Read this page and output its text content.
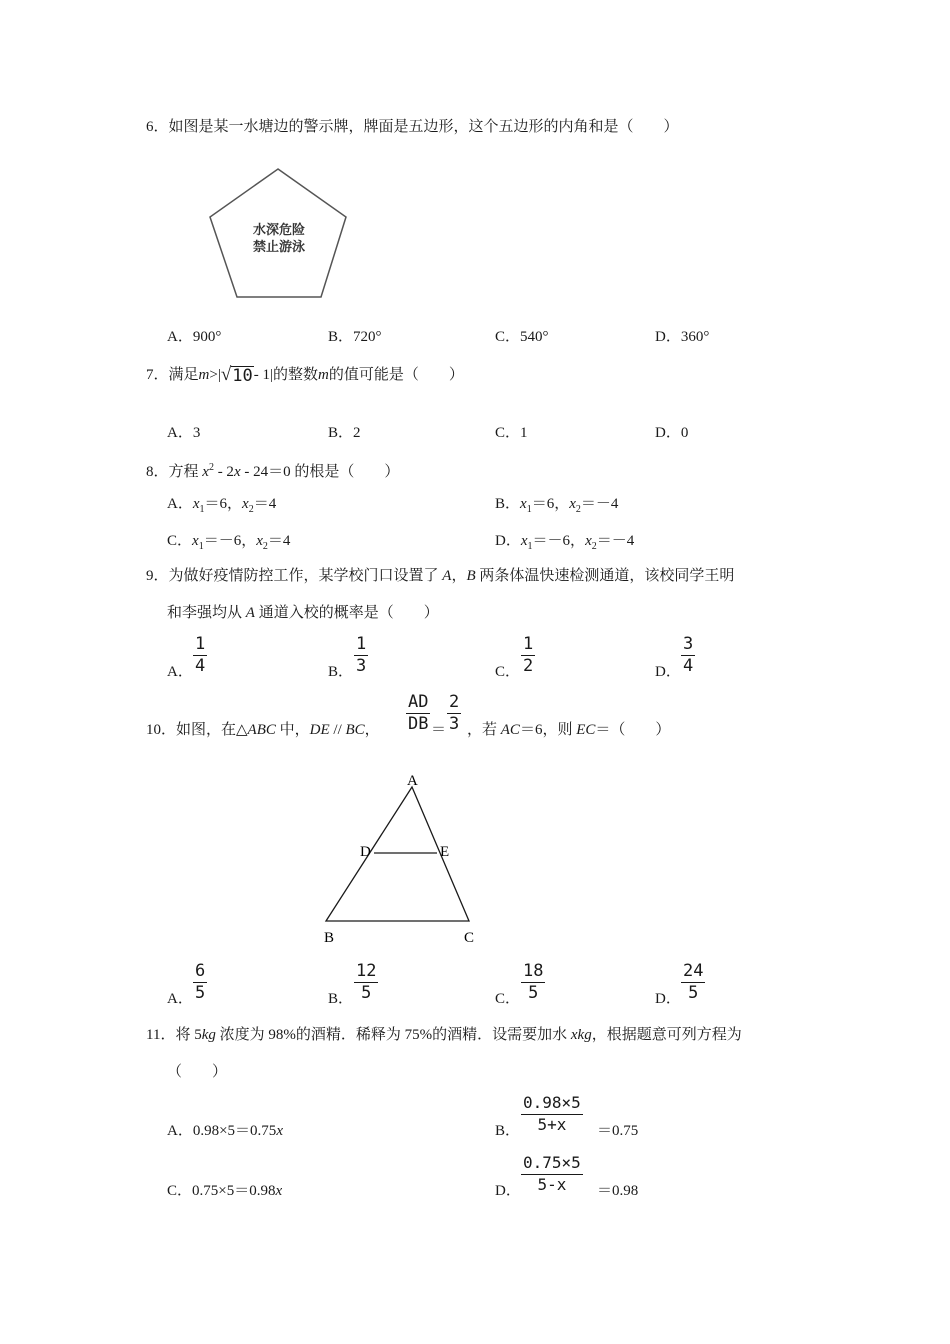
6．如图是某一水塘边的警示牌，牌面是五边形，这个五边形的内角和是（　　）
水深危险
禁止游泳
A．900°	B．720°	C．540°	D．360°
7．满足 m >| √ 10 - 1|的整数 m 的值可能是（　　）
A．3	B．2	C．1	D．0
8．方程 $x^2 - 2x - 24=0$ 的根是（　　）
A．$x_1=6$，$x_2=4$	B．$x_1=6$，$x_2=-4$
C．$x_1=-6$，$x_2=4$	D．$x_1=-6$，$x_2=-4$
9．为做好疫情防控工作，某学校门口设置了 A，B 两条体温快速检测通道，该校同学王明
和李强均从 A 通道入校的概率是（　　）
A．
1
4	B．
1
3	C．
1
2	D．
3
4
10．如图，在△ABC 中，DE // BC，
AD
DB ＝
2
3 ，若 AC＝6，则 EC＝（　　）
A
D	E
B	C
A．
6
5	B．
12
5	C．
18
5	D．
24
5
11．将 5kg 浓度为 98%的酒精．稀释为 75%的酒精．设需要加水 xkg，根据题意可列方程为
（　　）
A．0.98×5＝0.75x	B．
0.98×5
5+x ＝0.75
C．0.75×5＝0.98x	D．
0.75×5
5-x ＝0.98
